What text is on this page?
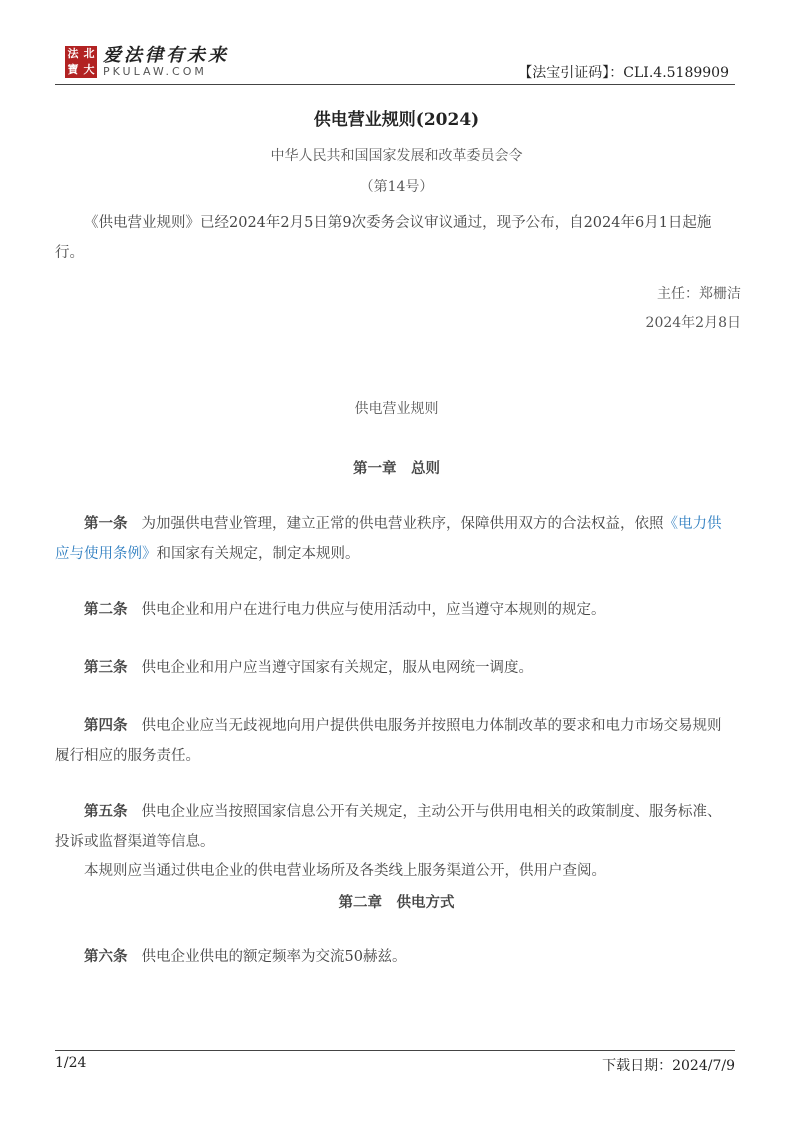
法 北
寶 大
爱法律有未来
PKULAW.COM	【法宝引证码】：CLI.4.5189909
供电营业规则(2024)
中华人民共和国国家发展和改革委员会令
（第14号）

《供电营业规则》已经2024年2月5日第9次委务会议审议通过，现予公布，自2024年6月1日起施行。

主任：郑栅洁
2024年2月8日
供电营业规则
第一章　总则

第一条 为加强供电营业管理，建立正常的供电营业秩序，保障供用双方的合法权益，依照《电力供应与使用条例》和国家有关规定，制定本规则。

第二条 供电企业和用户在进行电力供应与使用活动中，应当遵守本规则的规定。

第三条 供电企业和用户应当遵守国家有关规定，服从电网统一调度。

第四条 供电企业应当无歧视地向用户提供供电服务并按照电力体制改革的要求和电力市场交易规则履行相应的服务责任。

第五条 供电企业应当按照国家信息公开有关规定，主动公开与供用电相关的政策制度、服务标准、投诉或监督渠道等信息。

本规则应当通过供电企业的供电营业场所及各类线上服务渠道公开，供用户查阅。

第二章　供电方式

第六条 供电企业供电的额定频率为交流50赫兹。

1/24	下载日期：2024/7/9
